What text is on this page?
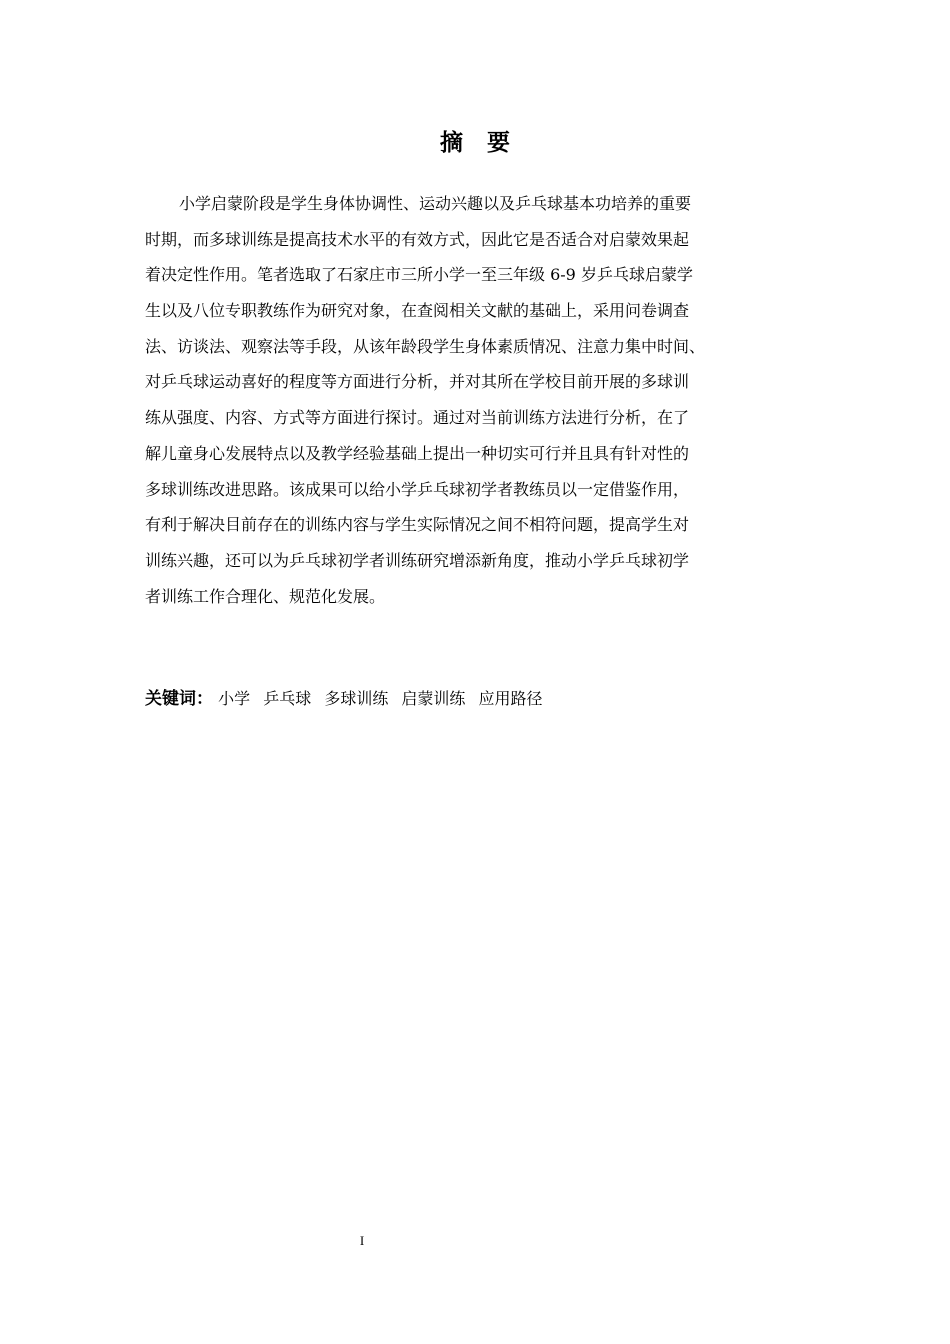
摘 要
小学启蒙阶段是学生身体协调性、运动兴趣以及乒乓球基本功培养的重要
时期，而多球训练是提高技术水平的有效方式，因此它是否适合对启蒙效果起
着决定性作用。笔者选取了石家庄市三所小学一至三年级 6-9 岁乒乓球启蒙学
生以及八位专职教练作为研究对象，在查阅相关文献的基础上，采用问卷调查
法、访谈法、观察法等手段，从该年龄段学生身体素质情况、注意力集中时间、
对乒乓球运动喜好的程度等方面进行分析，并对其所在学校目前开展的多球训
练从强度、内容、方式等方面进行探讨。通过对当前训练方法进行分析，在了
解儿童身心发展特点以及教学经验基础上提出一种切实可行并且具有针对性的
多球训练改进思路。该成果可以给小学乒乓球初学者教练员以一定借鉴作用，
有利于解决目前存在的训练内容与学生实际情况之间不相符问题，提高学生对
训练兴趣，还可以为乒乓球初学者训练研究增添新角度，推动小学乒乓球初学
者训练工作合理化、规范化发展。
关键词： 小学 乒乓球 多球训练 启蒙训练 应用路径
I
